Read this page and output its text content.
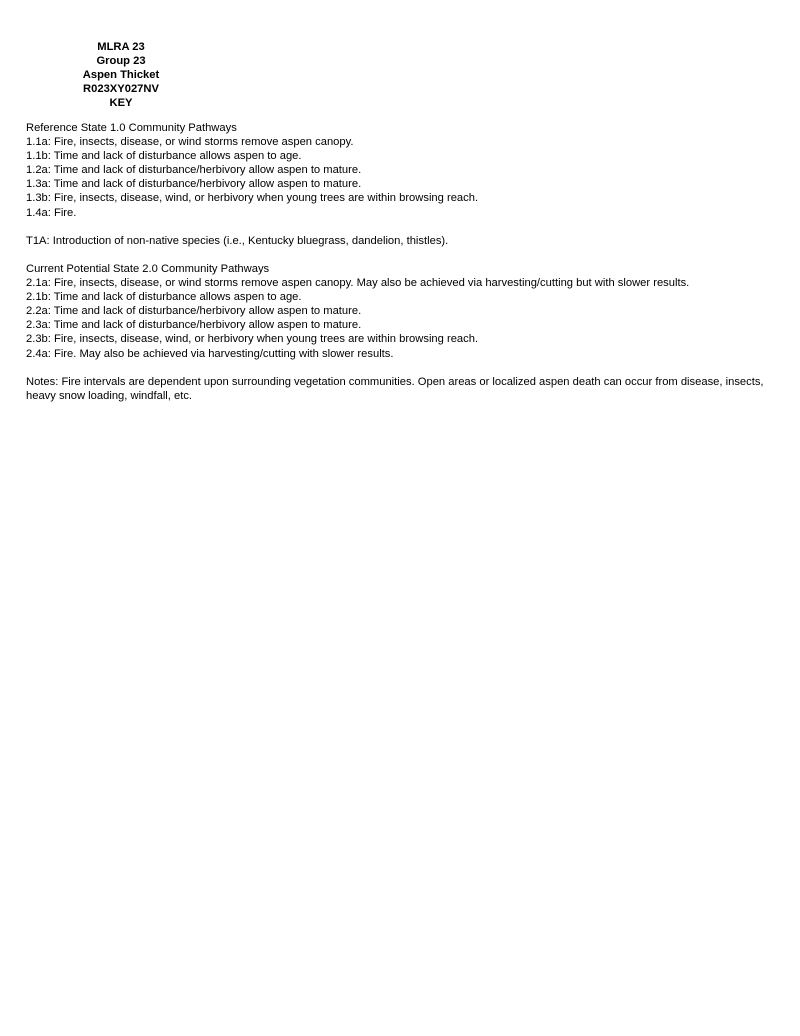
MLRA 23
Group 23
Aspen Thicket
R023XY027NV
KEY
Reference State 1.0 Community Pathways
1.1a: Fire, insects, disease, or wind storms remove aspen canopy.
1.1b: Time and lack of disturbance allows aspen to age.
1.2a: Time and lack of disturbance/herbivory allow aspen to mature.
1.3a: Time and lack of disturbance/herbivory allow aspen to mature.
1.3b: Fire, insects, disease, wind, or herbivory when young trees are within browsing reach.
1.4a: Fire.
T1A: Introduction of non-native species (i.e., Kentucky bluegrass, dandelion, thistles).
Current Potential State 2.0 Community Pathways
2.1a: Fire, insects, disease, or wind storms remove aspen canopy. May also be achieved via harvesting/cutting but with slower results.
2.1b: Time and lack of disturbance allows aspen to age.
2.2a: Time and lack of disturbance/herbivory allow aspen to mature.
2.3a: Time and lack of disturbance/herbivory allow aspen to mature.
2.3b: Fire, insects, disease, wind, or herbivory when young trees are within browsing reach.
2.4a: Fire. May also be achieved via harvesting/cutting with slower results.
Notes: Fire intervals are dependent upon surrounding vegetation communities. Open areas or localized aspen death can occur from disease, insects, heavy snow loading, windfall, etc.
